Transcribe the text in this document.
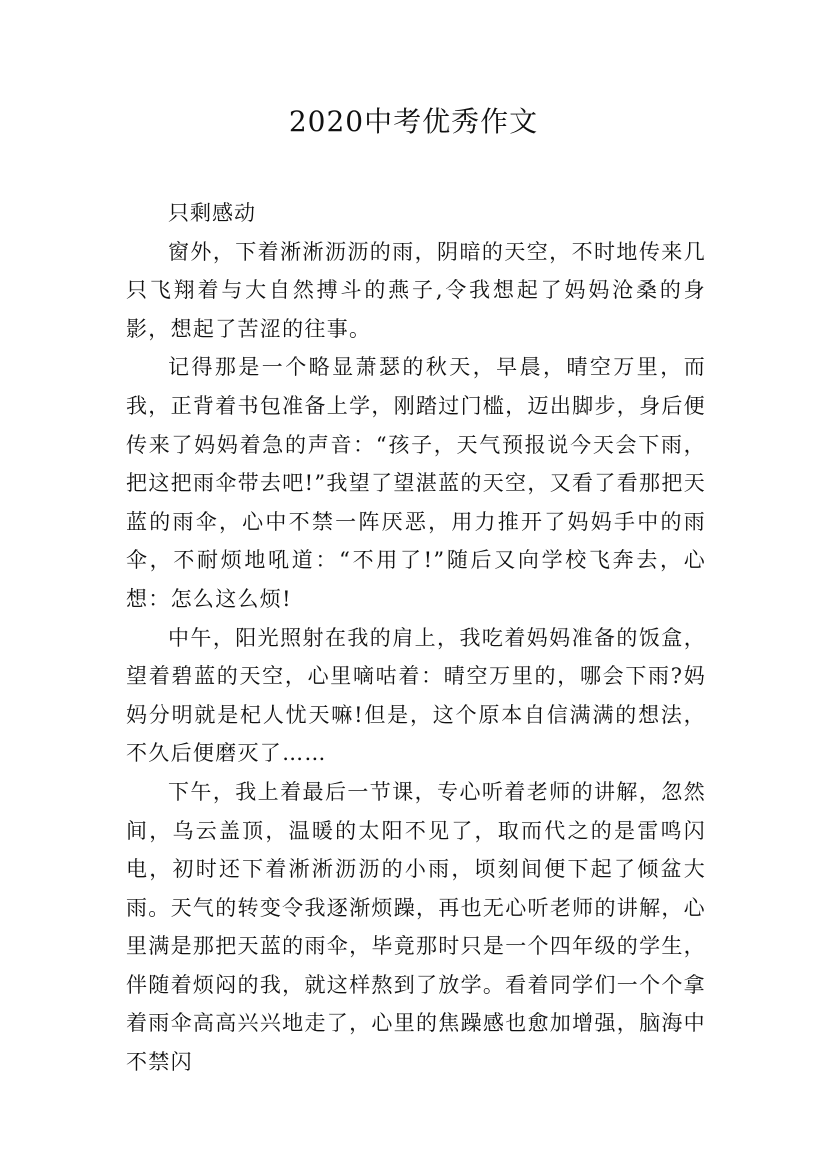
2020中考优秀作文

只剩感动

窗外，下着淅淅沥沥的雨，阴暗的天空，不时地传来几只飞翔着与大自然搏斗的燕子,令我想起了妈妈沧桑的身影，想起了苦涩的往事。

记得那是一个略显萧瑟的秋天，早晨，晴空万里，而我，正背着书包准备上学，刚踏过门槛，迈出脚步，身后便传来了妈妈着急的声音：“孩子，天气预报说今天会下雨，把这把雨伞带去吧!”我望了望湛蓝的天空，又看了看那把天蓝的雨伞，心中不禁一阵厌恶，用力推开了妈妈手中的雨伞，不耐烦地吼道：“不用了!”随后又向学校飞奔去，心想：怎么这么烦!

中午，阳光照射在我的肩上，我吃着妈妈准备的饭盒，望着碧蓝的天空，心里嘀咕着：晴空万里的，哪会下雨?妈妈分明就是杞人忧天嘛!但是，这个原本自信满满的想法，不久后便磨灭了……

下午，我上着最后一节课，专心听着老师的讲解，忽然间，乌云盖顶，温暖的太阳不见了，取而代之的是雷鸣闪电，初时还下着淅淅沥沥的小雨，顷刻间便下起了倾盆大雨。天气的转变令我逐渐烦躁，再也无心听老师的讲解，心里满是那把天蓝的雨伞，毕竟那时只是一个四年级的学生，伴随着烦闷的我，就这样熬到了放学。看着同学们一个个拿着雨伞高高兴兴地走了，心里的焦躁感也愈加增强，脑海中不禁闪
